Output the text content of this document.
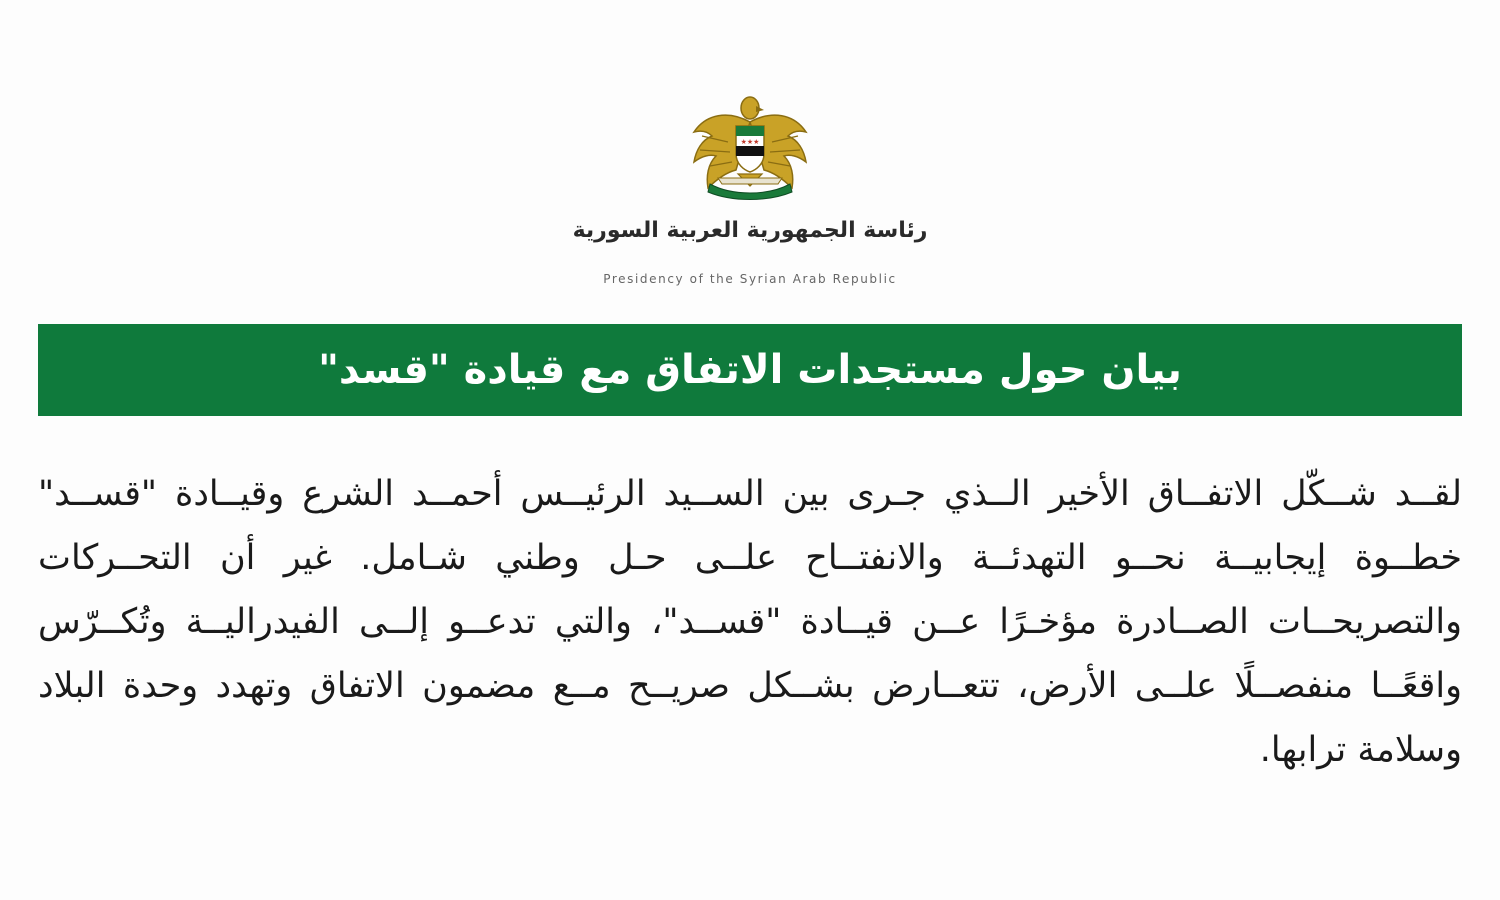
★★★
رئاسة الجمهورية العربية السورية
Presidency of the Syrian Arab Republic
بيان حول مستجدات الاتفاق مع قيادة "قسد"
لقــد شــكّل الاتفــاق الأخير الــذي جـرى بين الســيد الرئيــس أحمــد الشرع وقيــادة "قســد" خطــوة إيجابيــة نحــو التهدئــة والانفتــاح علــى حـل وطني شـامل. غير أن التحــركات والتصريحــات الصــادرة مؤخـرًا عــن قيــادة "قســد"، والتي تدعــو إلــى الفيدراليــة وتُكــرّس واقعًــا منفصــلًا علــى الأرض، تتعــارض بشــكل صريــح مــع مضمون الاتفاق وتهدد وحدة البلاد وسلامة ترابها.
